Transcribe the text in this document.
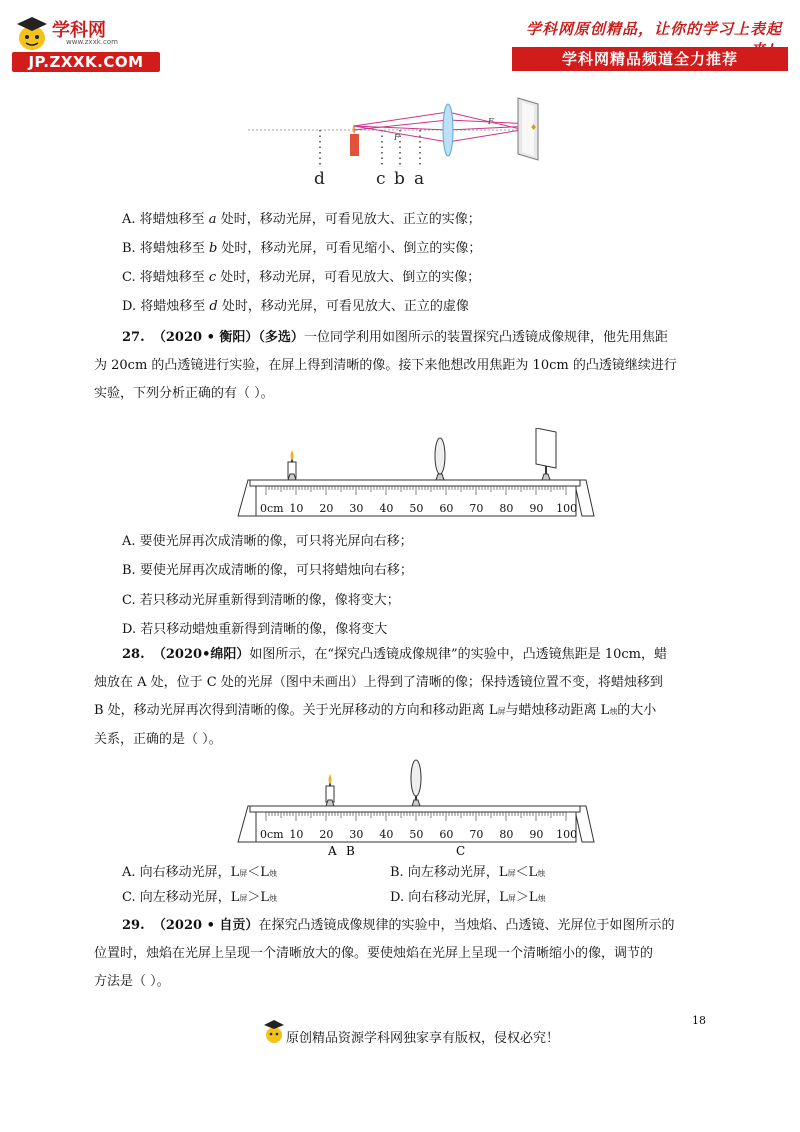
学科网
www.zxxk.com
JP.ZXXK.COM
学科网原创精品，让你的学习上表起
学科网精品频道全力推荐
F
F
♦
d	c b a
A. 将蜡烛移至 a 处时，移动光屏，可看见放大、正立的实像；
B. 将蜡烛移至 b 处时，移动光屏，可看见缩小、倒立的实像；
C. 将蜡烛移至 c 处时，移动光屏，可看见放大、倒立的实像；
D. 将蜡烛移至 d 处时，移动光屏，可看见放大、正立的虚像
27. （2020 • 衡阳）（多选）一位同学利用如图所示的装置探究凸透镜成像规律，他先用焦距
为 20cm 的凸透镜进行实验，在屏上得到清晰的像。接下来他想改用焦距为 10cm 的凸透镜继续进行
实验，下列分析正确的有（ ）。
0cm 10 20 30 40 50 60 70 80 90 100
A. 要使光屏再次成清晰的像，可只将光屏向右移；
B. 要使光屏再次成清晰的像，可只将蜡烛向右移；
C. 若只移动光屏重新得到清晰的像，像将变大；
D. 若只移动蜡烛重新得到清晰的像，像将变大
28. （2020•绵阳）如图所示，在“探究凸透镜成像规律”的实验中，凸透镜焦距是 10cm，蜡
烛放在 A 处，位于 C 处的光屏（图中未画出）上得到了清晰的像；保持透镜位置不变，将蜡烛移到
B 处，移动光屏再次得到清晰的像。关于光屏移动的方向和移动距离 L屏与蜡烛移动距离 L烛的大小
关系，正确的是（ ）。
0cm 10 20 30 40 50 60 70 80 90 100
A B	C
A. 向右移动光屏，L屏＜L烛	B. 向左移动光屏，L屏＜L烛
C. 向左移动光屏，L屏＞L烛	D. 向右移动光屏，L屏＞L烛
29. （2020 • 自贡）在探究凸透镜成像规律的实验中，当烛焰、凸透镜、光屏位于如图所示的
位置时，烛焰在光屏上呈现一个清晰放大的像。要使烛焰在光屏上呈现一个清晰缩小的像，调节的
方法是（ ）。
18
原创精品资源学科网独家享有版权，侵权必究！
